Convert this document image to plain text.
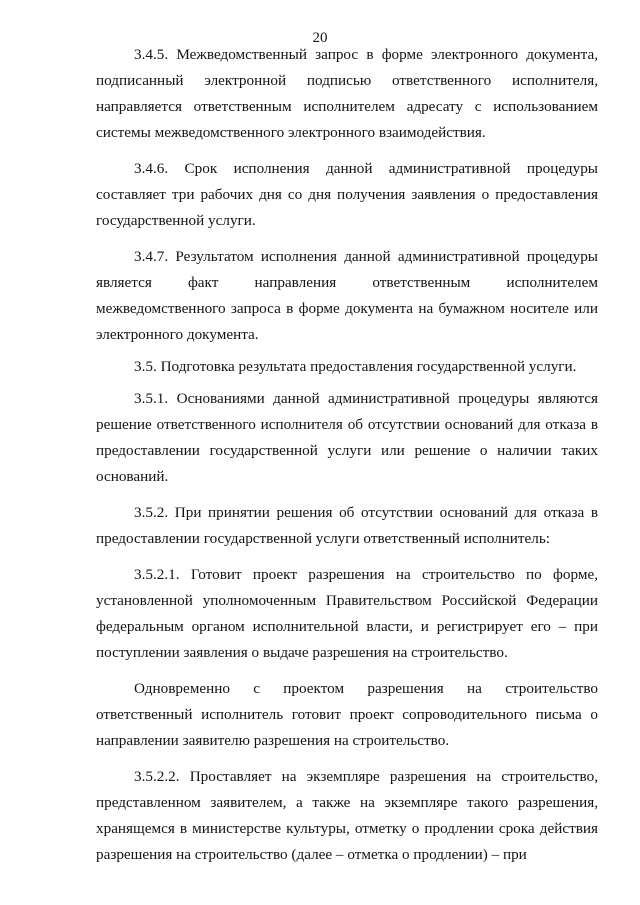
20

3.4.5. Межведомственный запрос в форме электронного документа, подписанный электронной подписью ответственного исполнителя, направляется ответственным исполнителем адресату с использованием системы межведомственного электронного взаимодействия.

3.4.6. Срок исполнения данной административной процедуры составляет три рабочих дня со дня получения заявления о предоставления государственной услуги.

3.4.7. Результатом исполнения данной административной процедуры является факт направления ответственным исполнителем межведомственного запроса в форме документа на бумажном носителе или электронного документа.

3.5. Подготовка результата предоставления государственной услуги.

3.5.1. Основаниями данной административной процедуры являются решение ответственного исполнителя об отсутствии оснований для отказа в предоставлении государственной услуги или решение о наличии таких оснований.

3.5.2. При принятии решения об отсутствии оснований для отказа в предоставлении государственной услуги ответственный исполнитель:

3.5.2.1. Готовит проект разрешения на строительство по форме, установленной уполномоченным Правительством Российской Федерации федеральным органом исполнительной власти, и регистрирует его – при поступлении заявления о выдаче разрешения на строительство.

Одновременно с проектом разрешения на строительство ответственный исполнитель готовит проект сопроводительного письма о направлении заявителю разрешения на строительство.

3.5.2.2. Проставляет на экземпляре разрешения на строительство, представленном заявителем, а также на экземпляре такого разрешения, хранящемся в министерстве культуры, отметку о продлении срока действия разрешения на строительство (далее – отметка о продлении) – при
